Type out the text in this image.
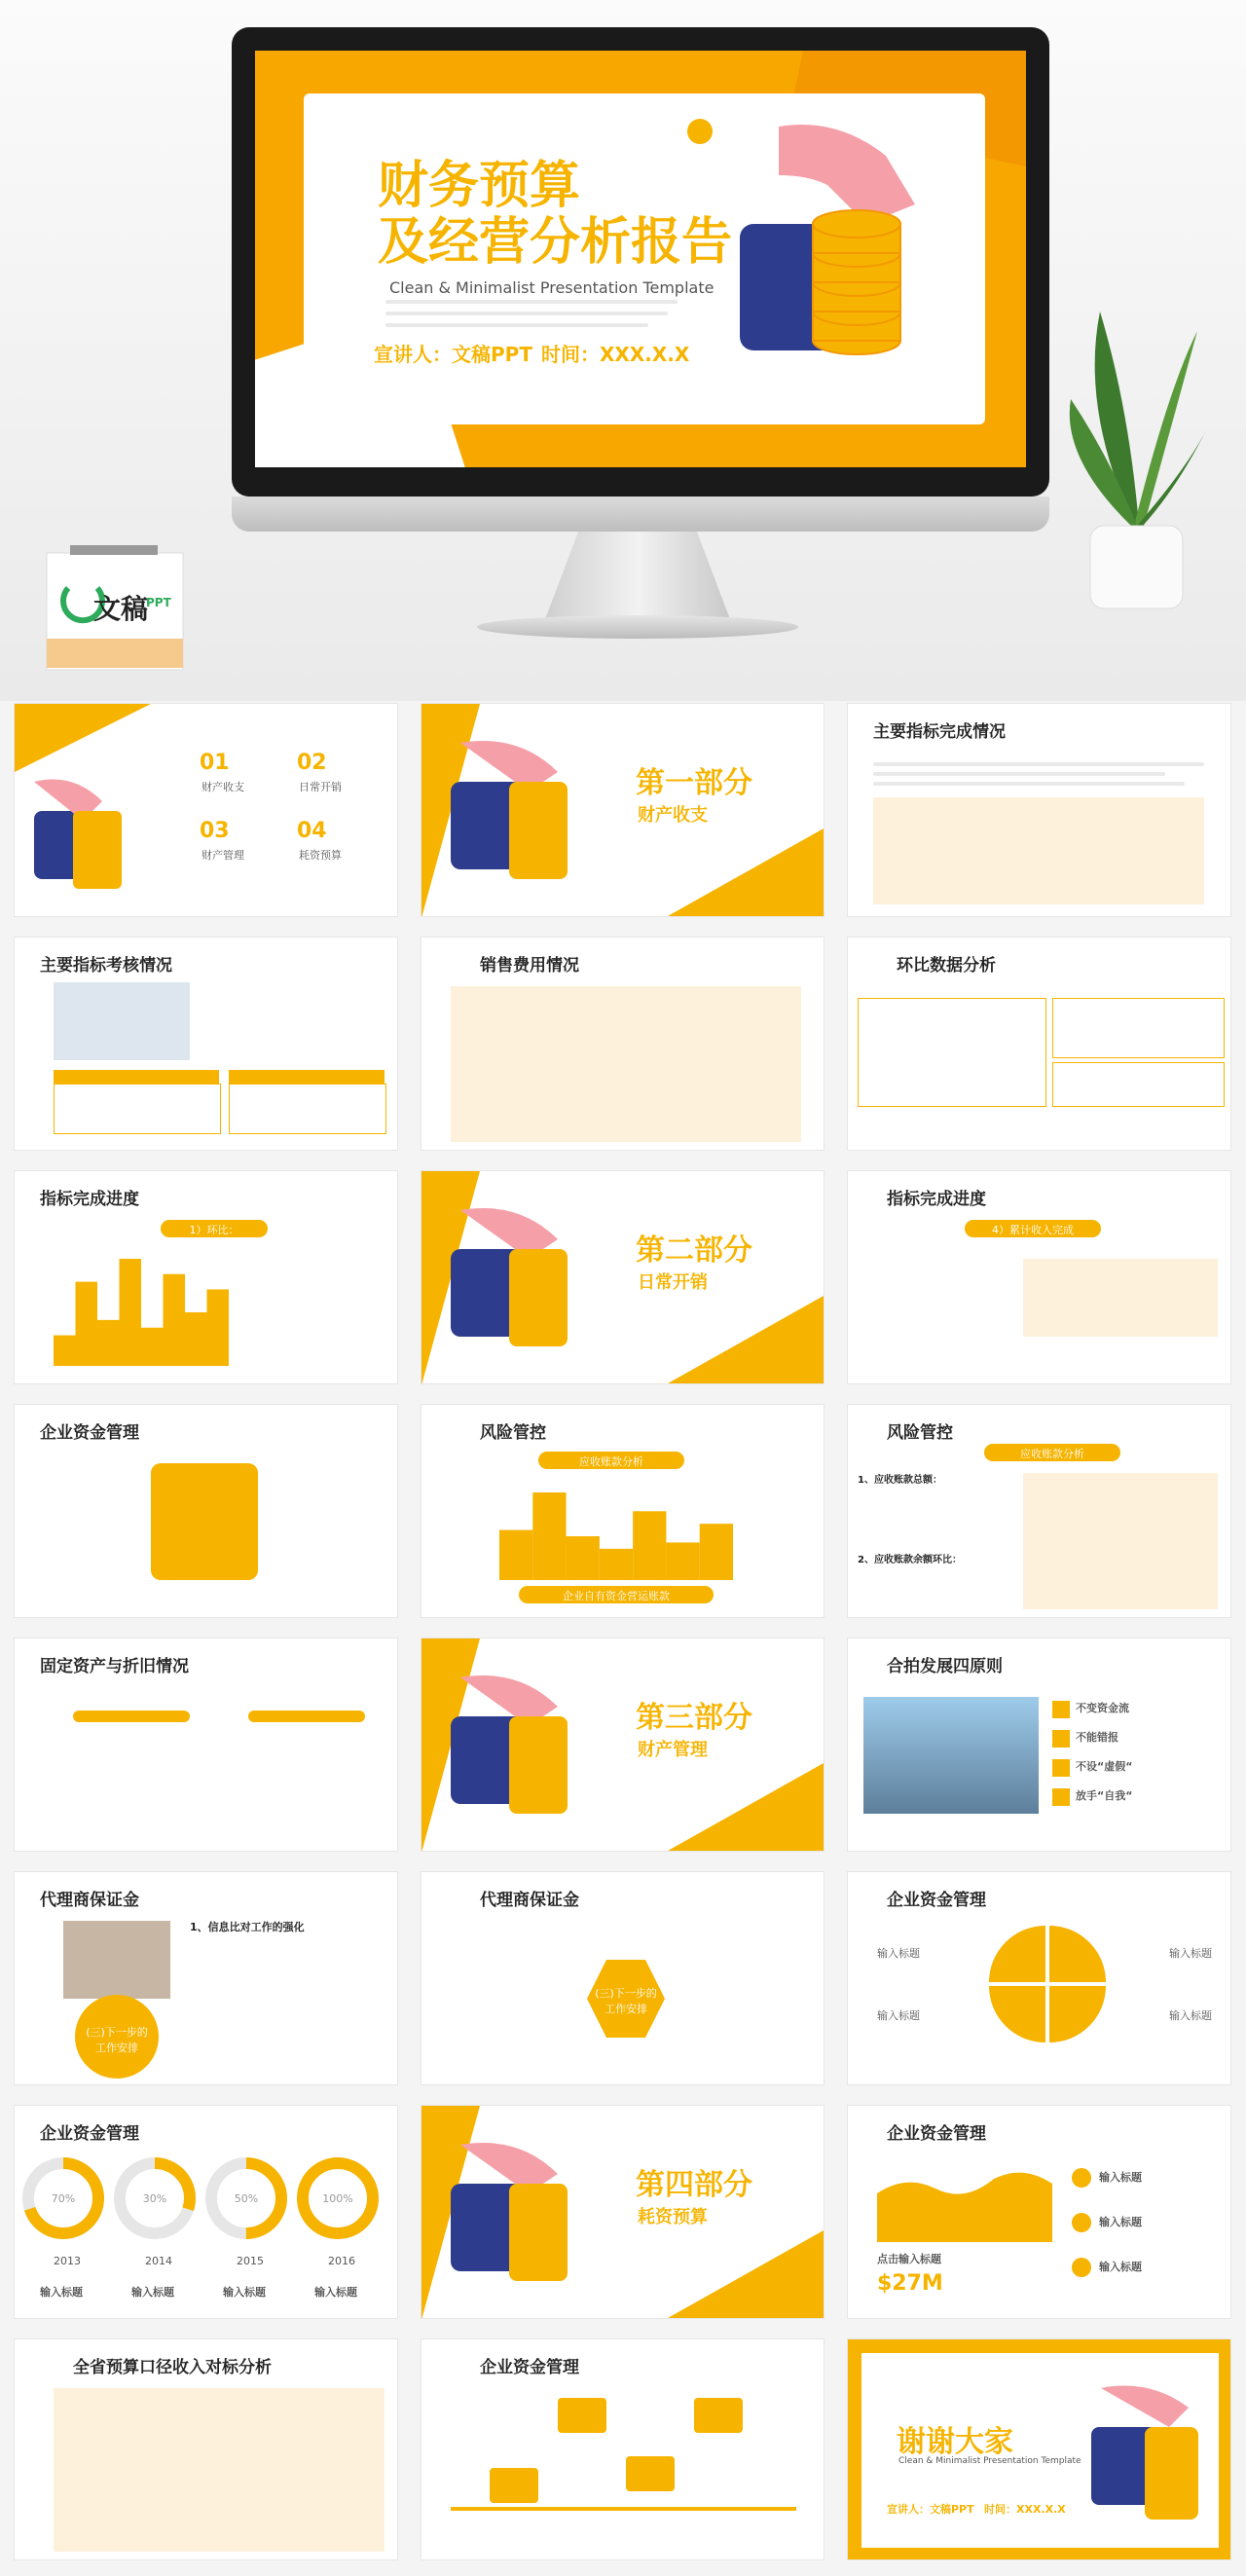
财务预算
及经营分析报告
Clean & Minimalist Presentation Template
宣讲人：文稿PPT 时间：XXX.X.X
文稿
PPT
01
财产收支
02
日常开销
03
财产管理
04
耗资预算
第一部分
财产收支
主要指标完成情况
主要指标考核情况	销售费用情况	环比数据分析
指标完成进度
1）环比：
第二部分
日常开销
指标完成进度
4）累计收入完成
企业资金管理	风险管控
应收账款分析
企业自有资金营运账款
风险管控
应收账款分析
1、应收账款总额：
2、应收账款余额环比：
固定资产与折旧情况
第三部分
财产管理
合拍发展四原则
不变资金流
不能错报
不设“虚假“
放手“自我“
代理商保证金
1、信息比对工作的强化
(三)下一步的工作安排
代理商保证金
(三)下一步的工作安排
企业资金管理
输入标题	输入标题
输入标题	输入标题
企业资金管理
70%	30%	50%	100%
2013	2014	2015	2016
输入标题	输入标题	输入标题	输入标题
第四部分
耗资预算
企业资金管理
点击输入标题
$27M
输入标题
输入标题
输入标题
全省预算口径收入对标分析	企业资金管理
谢谢大家
Clean & Minimalist Presentation Template
宣讲人：文稿PPT 时间：XXX.X.X
